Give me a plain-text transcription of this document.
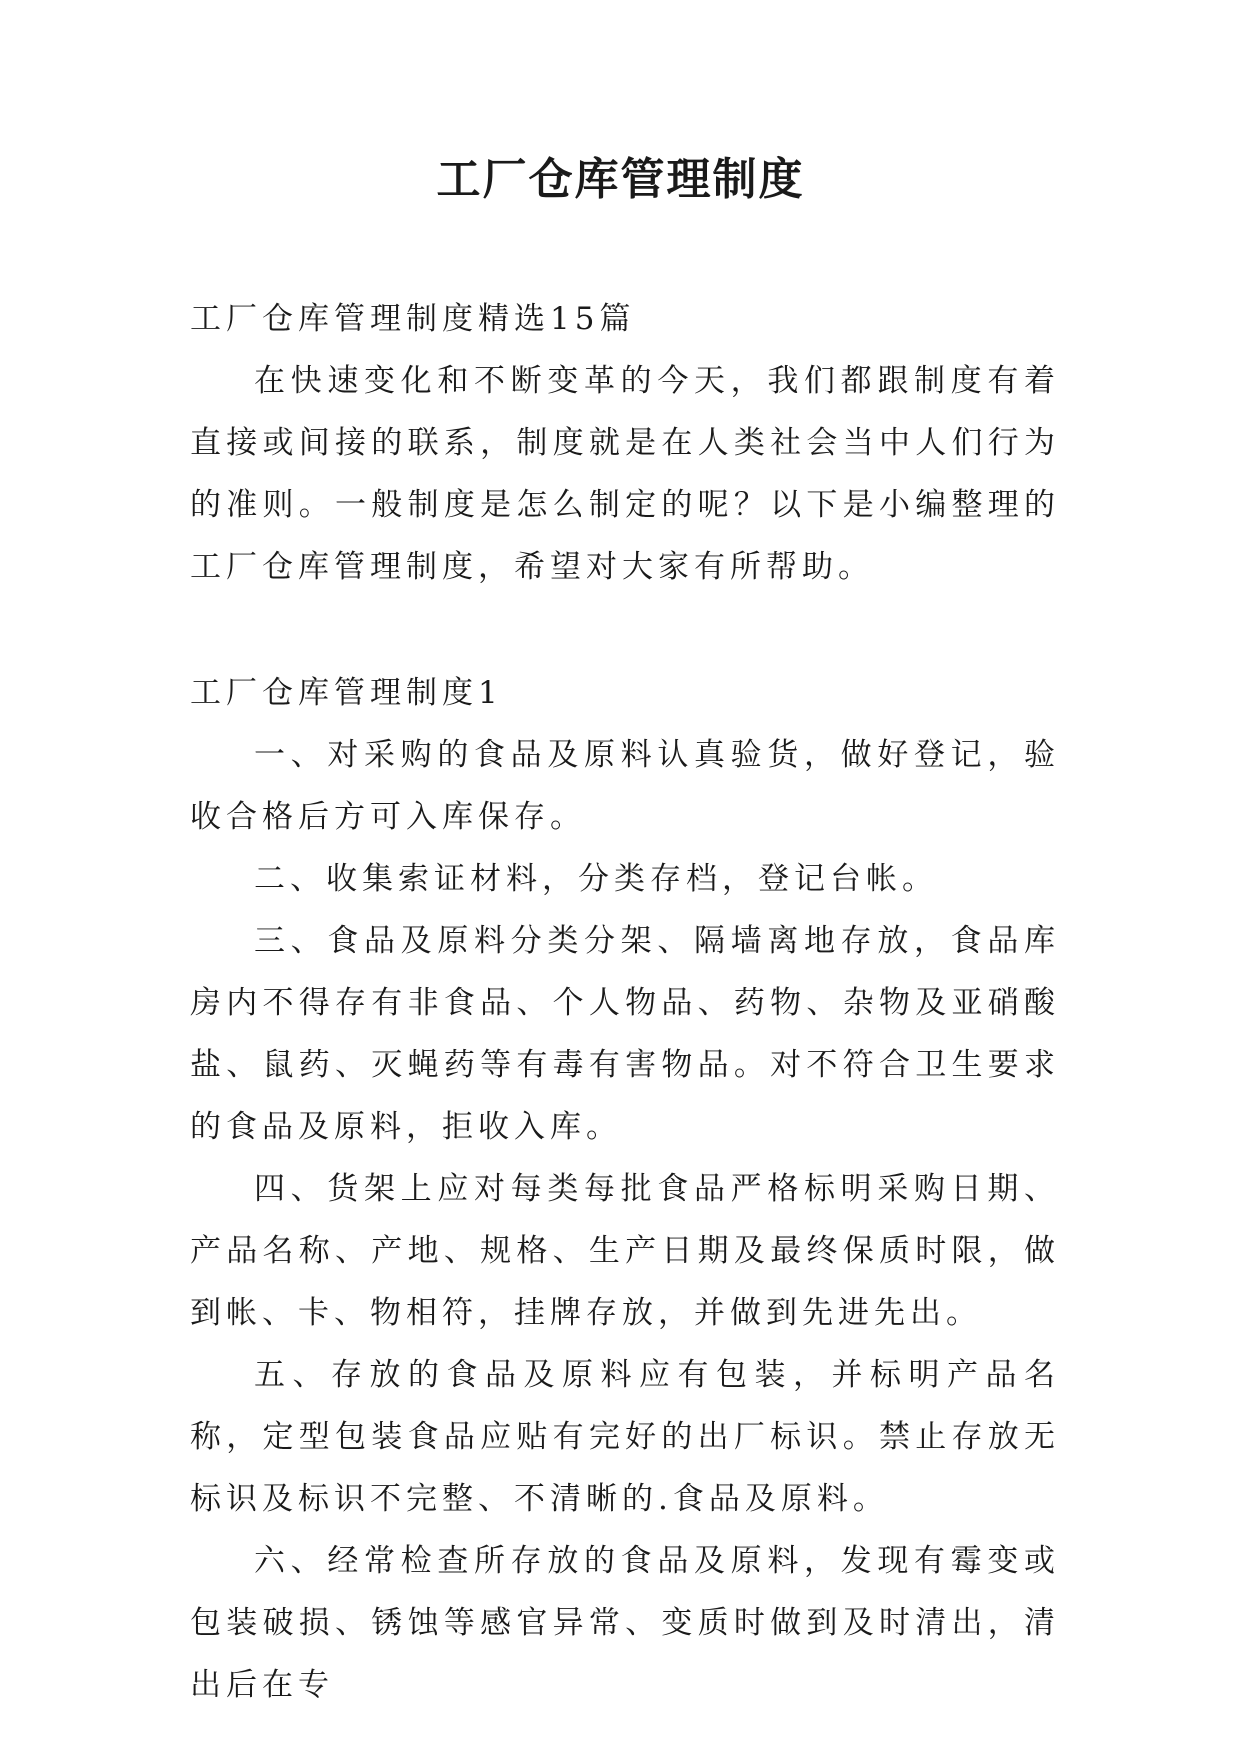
工厂仓库管理制度

工厂仓库管理制度精选15篇

在快速变化和不断变革的今天，我们都跟制度有着直接或间接的联系，制度就是在人类社会当中人们行为的准则。一般制度是怎么制定的呢？以下是小编整理的工厂仓库管理制度，希望对大家有所帮助。

工厂仓库管理制度1

一、对采购的食品及原料认真验货，做好登记，验收合格后方可入库保存。

二、收集索证材料，分类存档，登记台帐。

三、食品及原料分类分架、隔墙离地存放，食品库房内不得存有非食品、个人物品、药物、杂物及亚硝酸盐、鼠药、灭蝇药等有毒有害物品。对不符合卫生要求的食品及原料，拒收入库。

四、货架上应对每类每批食品严格标明采购日期、产品名称、产地、规格、生产日期及最终保质时限，做到帐、卡、物相符，挂牌存放，并做到先进先出。

五、存放的食品及原料应有包装，并标明产品名称，定型包装食品应贴有完好的出厂标识。禁止存放无标识及标识不完整、不清晰的.食品及原料。

六、经常检查所存放的食品及原料，发现有霉变或包装破损、锈蚀等感官异常、变质时做到及时清出，清出后在专
